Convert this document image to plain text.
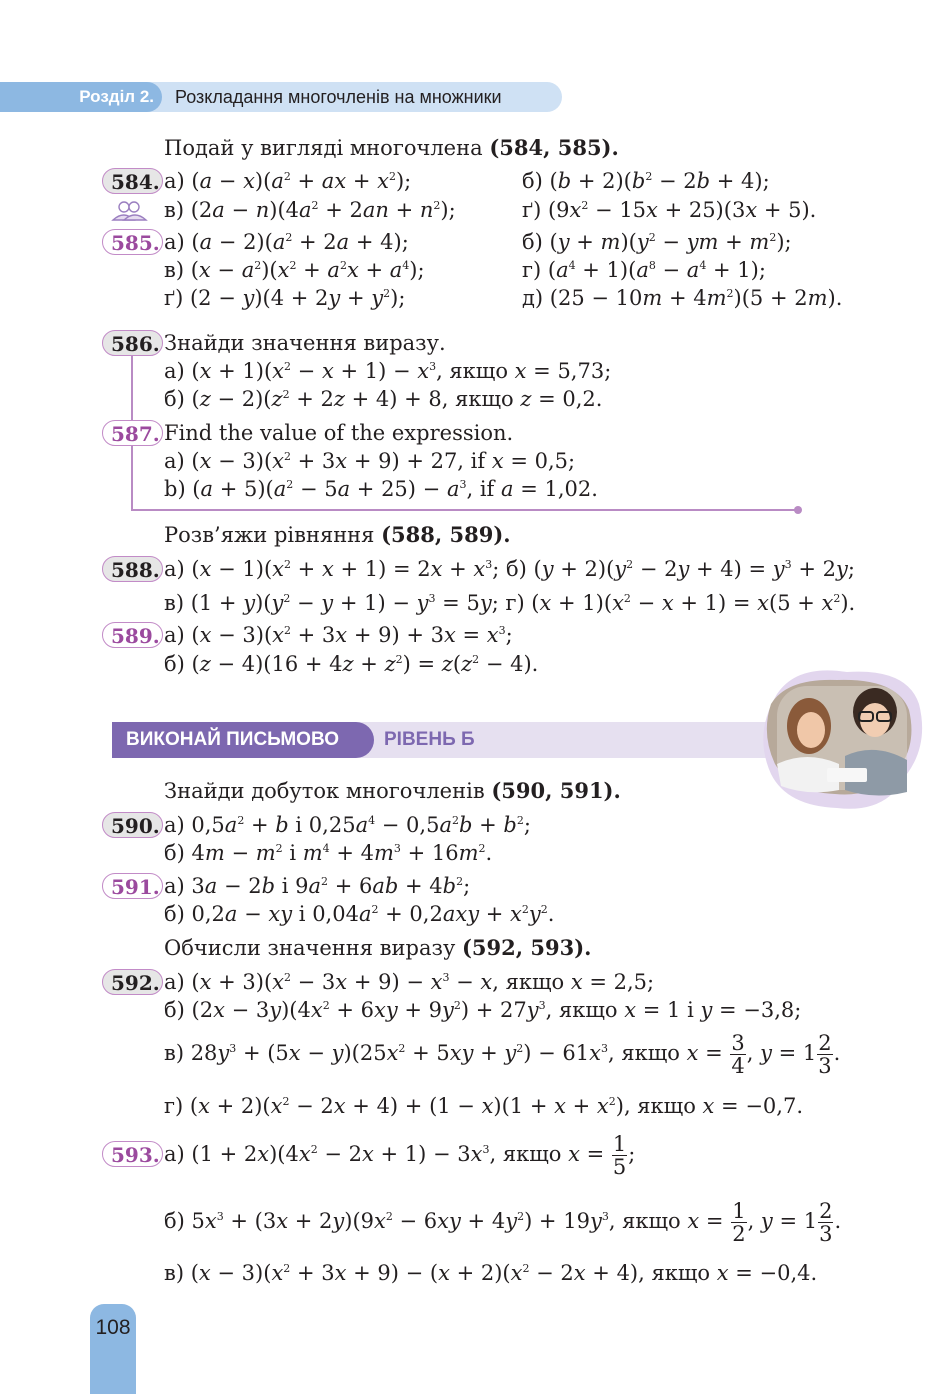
Розділ 2.	Розкладання многочленів на множники
Подай у вигляді многочлена (584, 585).
584. а) $(a - x)(a^2$ + ax + $x^2$);	б) $(b + 2)(b^2 - 2b + 4)$;
в) $(2a - n)(4a^2 + 2an + n^2)$;	ґ) $(9x^2 - 15x + 25)(3x + 5)$.
585. а) $(a - 2)(a^2 + 2a + 4)$;	б) $(y + m)(y^2$ − ym + $m^2$);
в) $(x - a^2)(x^2 + a^2x + a^4)$;	г) $(a^4 + 1)(a^8 - a^4 + 1)$;
ґ) $(2 - y)(4 + 2y + y^2)$;	д) $(25 - 10m + 4m^2)(5 + 2m)$.
586. Знайди значення виразу.
а) $(x + 1)(x^2 - x + 1) - x^3$, якщо x = 5,73;
б) $(z - 2)(z^2 + 2z + 4) + 8$, якщо z = 0,2.
587. Find the value of the expression.
a) $(x - 3)(x^2 + 3x + 9) + 27$, if x = 0,5;
b) $(a + 5)(a^2 - 5a + 25) - a^3$, if a = 1,02.
Розв’яжи рівняння (588, 589).
588. а) $(x - 1)(x^2 + x + 1) = 2x + x^3$; б) $(y + 2)(y^2 - 2y + 4) = y^3 + 2y$;
в) $(1 + y)(y^2 - y + 1) - y^3 = 5y$; г) $(x + 1)(x^2 - x + 1) = x(5 + x^2)$.
589. а) $(x - 3)(x^2 + 3x + 9) + 3x = x^3$;
б) $(z - 4)(16 + 4z + z^2) = z(z^2 - 4)$.
ВИКОНАЙ ПИСЬМОВО	РІВЕНЬ Б
Знайди добуток многочленів (590, 591).
590. а) $0,5a^2 + b$ і $0,25a^4 - 0,5a^2b + b^2$;
б) $4m - m^2$ і $m^4 + 4m^3 + 16m^2$.
591. а) 3a − 2b і $9a^2 + 6ab + 4b^2$;
б) 0,2a − xy і $0,04a^2 + 0,2axy + x^2y^2$.
Обчисли значення виразу (592, 593).
592. а) $(x + 3)(x^2 - 3x + 9) - x^3 - x$, якщо x = 2,5;
б) $(2x - 3y)(4x^2 + 6xy + 9y^2) + 27y^3$, якщо x = 1 і y = −3,8;
в) $28y^3 + (5x - y)(25x^2 + 5xy + y^2) - 61x^3$, якщо $x = \frac{3}{4}$ , $y = 1 \frac{2}{3}$ .
г) $(x + 2)(x^2 - 2x + 4) + (1 - x)(1 + x + x^2)$, якщо x = −0,7.
593. а) $(1 + 2x)(4x^2 - 2x + 1) - 3x^3$, якщо $x = \frac{1}{5}$ ;
б) $5x^3 + (3x + 2y)(9x^2 - 6xy + 4y^2) + 19y^3$, якщо $x = \frac{1}{2}$ , $y = 1 \frac{2}{3}$ .
в) $(x - 3)(x^2 + 3x + 9) - (x + 2)(x^2 - 2x + 4)$, якщо x = −0,4.
108
